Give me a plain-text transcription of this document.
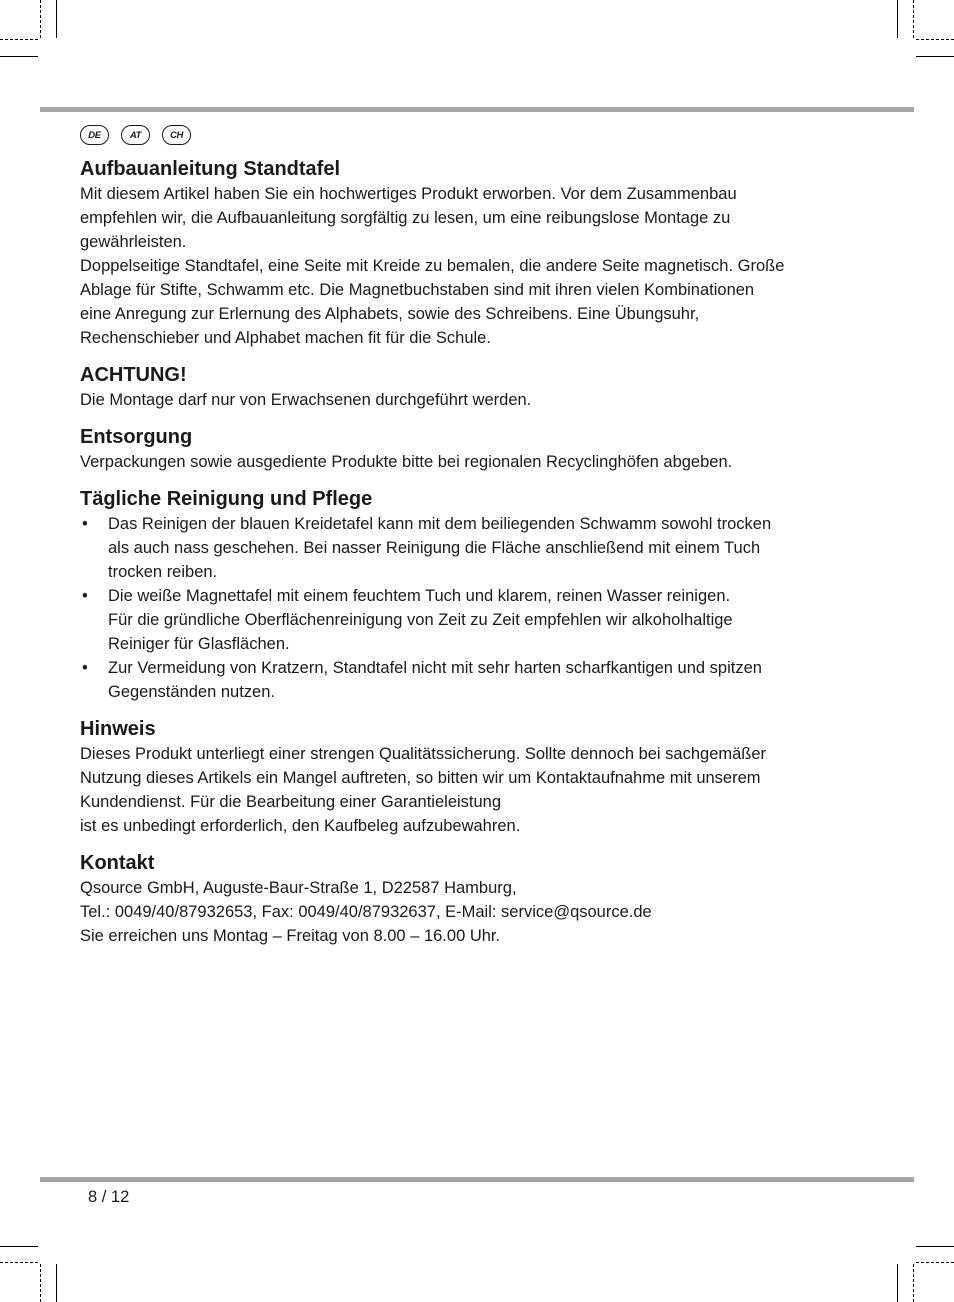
DE	AT	CH
Aufbauanleitung Standtafel

Mit diesem Artikel haben Sie ein hochwertiges Produkt erworben. Vor dem Zusammenbau

empfehlen wir, die Aufbauanleitung sorgfältig zu lesen, um eine reibungslose Montage zu

gewährleisten.

Doppelseitige Standtafel, eine Seite mit Kreide zu bemalen, die andere Seite magnetisch. Große

Ablage für Stifte, Schwamm etc. Die Magnetbuchstaben sind mit ihren vielen Kombinationen

eine Anregung zur Erlernung des Alphabets, sowie des Schreibens. Eine Übungsuhr,

Rechenschieber und Alphabet machen fit für die Schule.

ACHTUNG!

Die Montage darf nur von Erwachsenen durchgeführt werden.

Entsorgung

Verpackungen sowie ausgediente Produkte bitte bei regionalen Recyclinghöfen abgeben.

Tägliche Reinigung und Pflege
• Das Reinigen der blauen Kreidetafel kann mit dem beiliegenden Schwamm sowohl trocken
als auch nass geschehen. Bei nasser Reinigung die Fläche anschließend mit einem Tuch
trocken reiben.
• Die weiße Magnettafel mit einem feuchtem Tuch und klarem, reinen Wasser reinigen.
Für die gründliche Oberflächenreinigung von Zeit zu Zeit empfehlen wir alkoholhaltige
Reiniger für Glasflächen.
• Zur Vermeidung von Kratzern, Standtafel nicht mit sehr harten scharfkantigen und spitzen
Gegenständen nutzen.
Hinweis

Dieses Produkt unterliegt einer strengen Qualitätssicherung. Sollte dennoch bei sachgemäßer

Nutzung dieses Artikels ein Mangel auftreten, so bitten wir um Kontaktaufnahme mit unserem

Kundendienst. Für die Bearbeitung einer Garantieleistung

ist es unbedingt erforderlich, den Kaufbeleg aufzubewahren.

Kontakt

Qsource GmbH, Auguste-Baur-Straße 1, D22587 Hamburg,

Tel.: 0049/40/87932653, Fax: 0049/40/87932637, E-Mail: service@qsource.de

Sie erreichen uns Montag – Freitag von 8.00 – 16.00 Uhr.

8 / 12
